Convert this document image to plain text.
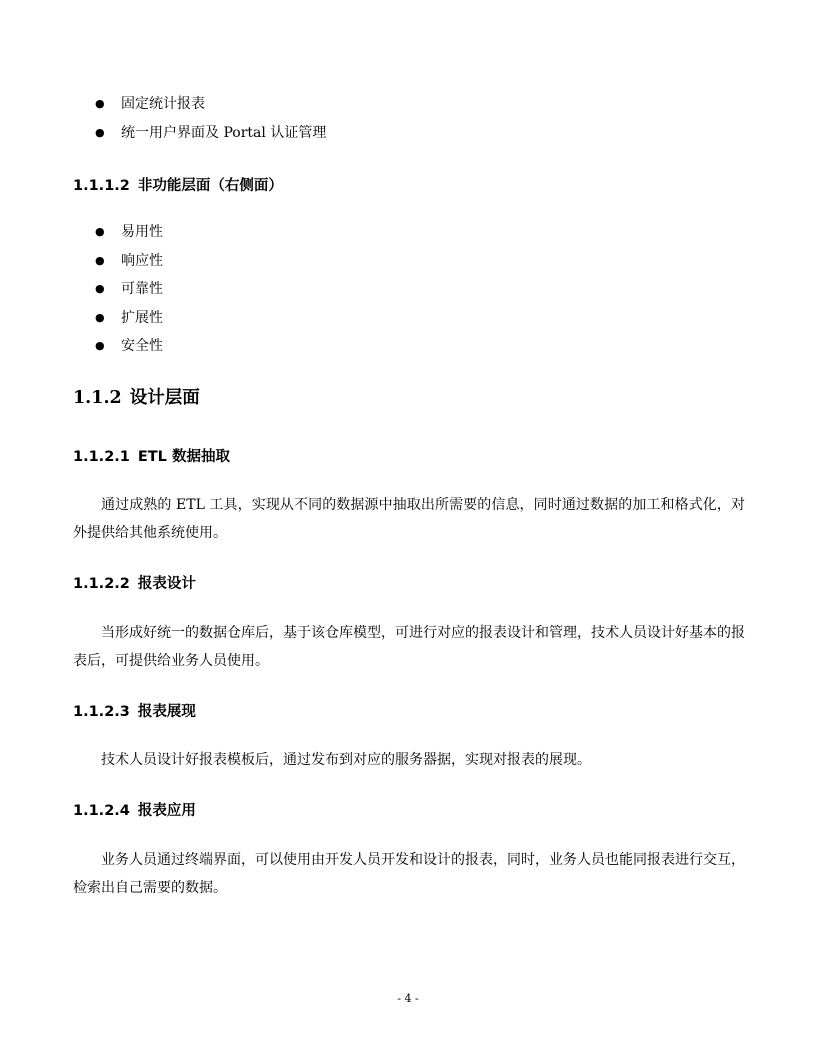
● 固定统计报表
● 统一用户界面及 Portal 认证管理
1.1.1.2 非功能层面（右侧面）
● 易用性
● 响应性
● 可靠性
● 扩展性
● 安全性
1.1.2 设计层面
1.1.2.1 ETL 数据抽取

通过成熟的 ETL 工具，实现从不同的数据源中抽取出所需要的信息，同时通过数据的加工和格式化，对外提供给其他系统使用。

1.1.2.2 报表设计

当形成好统一的数据仓库后，基于该仓库模型，可进行对应的报表设计和管理，技术人员设计好基本的报表后，可提供给业务人员使用。

1.1.2.3 报表展现

技术人员设计好报表模板后，通过发布到对应的服务器据，实现对报表的展现。

1.1.2.4 报表应用

业务人员通过终端界面，可以使用由开发人员开发和设计的报表，同时，业务人员也能同报表进行交互，检索出自己需要的数据。

- 4 -
